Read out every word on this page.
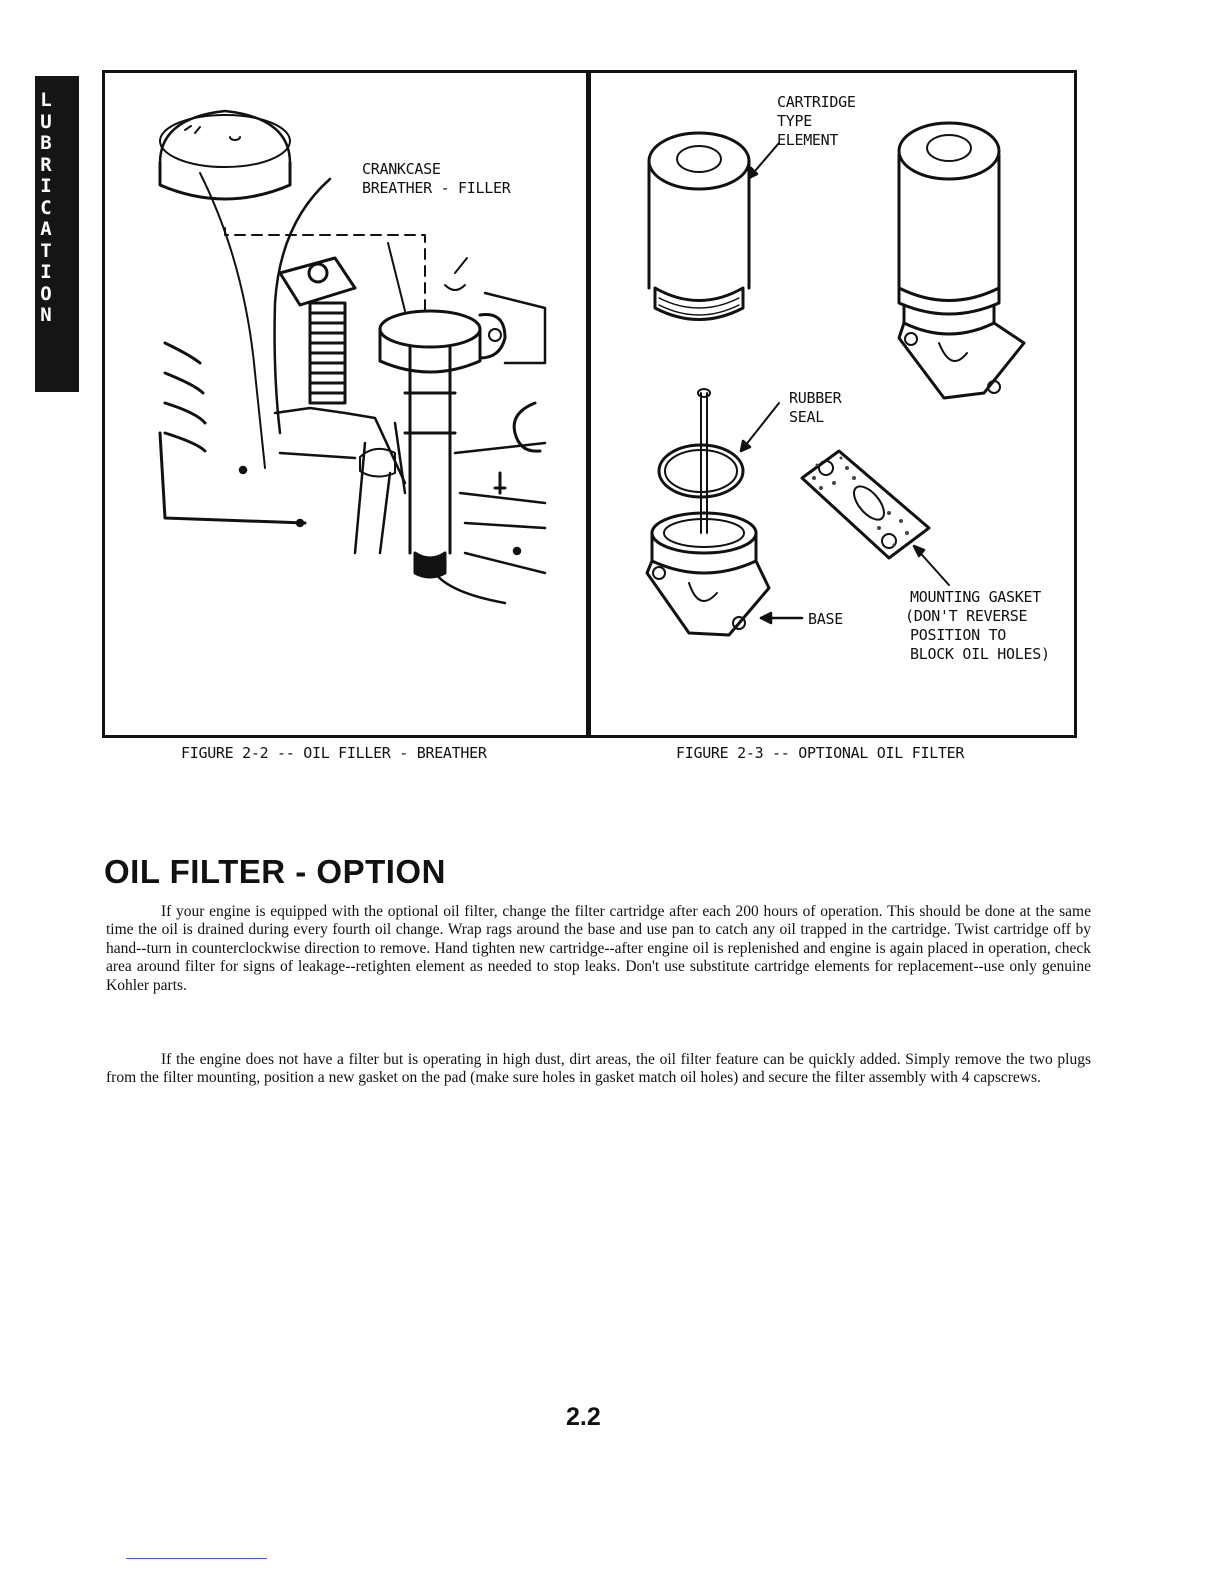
L
U
B
R
I
C
A
T
I
O
N
CRANKCASE
BREATHER - FILLER
CARTRIDGE
TYPE
ELEMENT
RUBBER
SEAL
BASE
MOUNTING GASKET
(DON'T REVERSE
POSITION TO
BLOCK OIL HOLES)
FIGURE 2-2 -- OIL FILLER - BREATHER	FIGURE 2-3 -- OPTIONAL OIL FILTER
OIL FILTER - OPTION

If your engine is equipped with the optional oil filter, change the filter cartridge after each 200 hours of operation. This should be done at the same time the oil is drained during every fourth oil change. Wrap rags around the base and use pan to catch any oil trapped in the cartridge. Twist cartridge off by hand--turn in counterclockwise direction to remove. Hand tighten new cartridge--after engine oil is replenished and engine is again placed in operation, check area around filter for signs of leakage--retighten element as needed to stop leaks. Don't use substitute cartridge elements for replacement--use only genuine Kohler parts.

If the engine does not have a filter but is operating in high dust, dirt areas, the oil filter feature can be quickly added. Simply remove the two plugs from the filter mounting, position a new gasket on the pad (make sure holes in gasket match oil holes) and secure the filter assembly with 4 capscrews.

2.2
